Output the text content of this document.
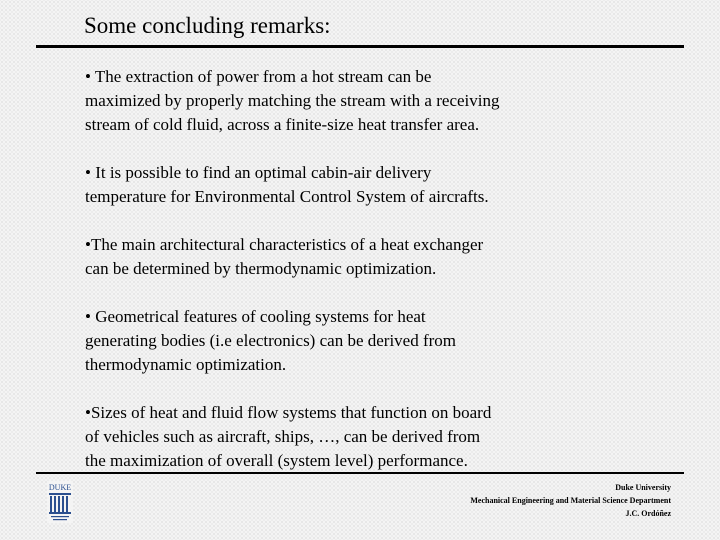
Some concluding remarks:
• The extraction of power from a hot stream can be
maximized by properly matching the stream with a receiving
stream of cold fluid, across a finite-size heat transfer area.
• It is possible to find an optimal cabin-air delivery
temperature for Environmental Control System of aircrafts.
•The main architectural characteristics of a heat exchanger
can be determined by thermodynamic optimization.
• Geometrical features of cooling systems for heat
generating bodies (i.e electronics) can be derived from
thermodynamic optimization.
•Sizes of heat and fluid flow systems that function on board
of vehicles such as aircraft, ships, …, can be derived from
the maximization of overall (system level) performance.
DUKE	Duke University
Mechanical Engineering and Material Science Department
J.C. Ordóñez
